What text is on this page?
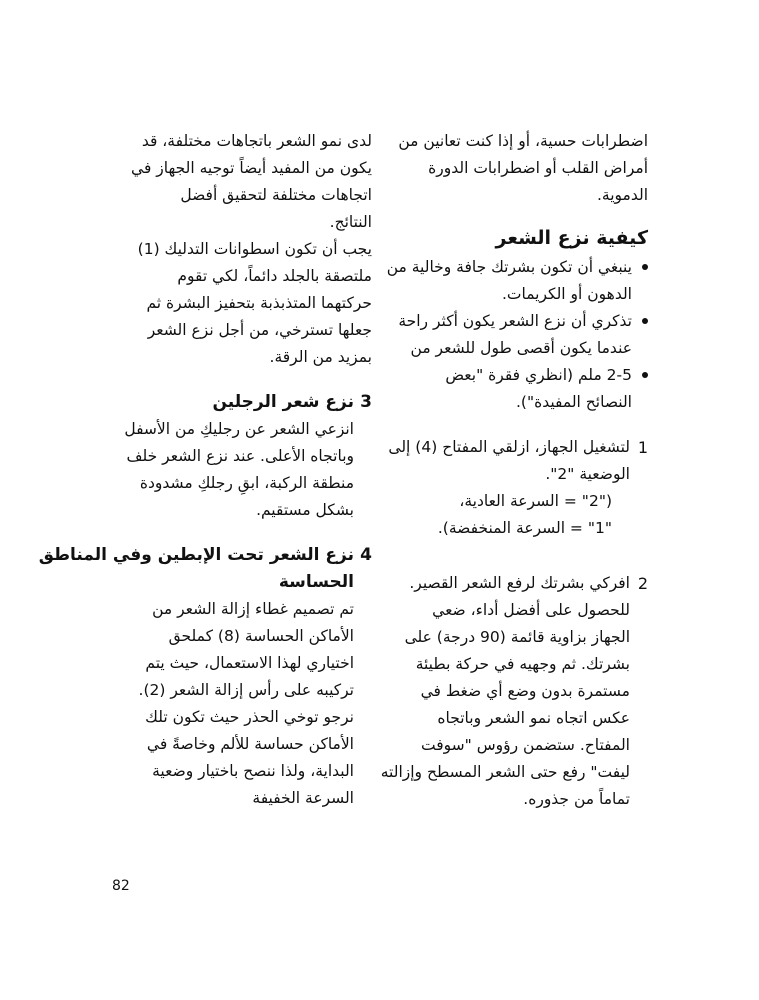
اضطرابات حسية، أو إذا كنت تعانين من
أمراض القلب أو اضطرابات الدورة
الدموية.
كيفية نزع الشعر
ينبغي أن تكون بشرتك جافة وخالية من
الدهون أو الكريمات.
تذكري أن نزع الشعر يكون أكثر راحة
عندما يكون أقصى طول للشعر من
2-5 ملم (انظري فقرة "بعض
النصائح المفيدة").
1
لتشغيل الجهاز، ازلقي المفتاح (4) إلى
الوضعية "2".
("2" = السرعة العادية،
"1" = السرعة المنخفضة).
2
افركي بشرتك لرفع الشعر القصير.
للحصول على أفضل أداء، ضعي
الجهاز بزاوية قائمة (90 درجة) على
بشرتك. ثم وجهيه في حركة بطيئة
مستمرة بدون وضع أي ضغط في
عكس اتجاه نمو الشعر وباتجاه
المفتاح. ستضمن رؤوس "سوفت
ليفت" رفع حتى الشعر المسطح وإزالته
تماماً من جذوره.
لدى نمو الشعر باتجاهات مختلفة، قد
يكون من المفيد أيضاً توجيه الجهاز في
اتجاهات مختلفة لتحقيق أفضل
النتائج.
يجب أن تكون اسطوانات التدليك (1)
ملتصقة بالجلد دائماً، لكي تقوم
حركتهما المتذبذبة بتحفيز البشرة ثم
جعلها تسترخي، من أجل نزع الشعر
بمزيد من الرقة.
3
نزع شعر الرجلين
انزعي الشعر عن رجليكِ من الأسفل
وباتجاه الأعلى. عند نزع الشعر خلف
منطقة الركبة، ابقِ رجلكِ مشدودة
بشكل مستقيم.
4
نزع الشعر تحت الإبطين وفي المناطق
الحساسة
تم تصميم غطاء إزالة الشعر من
الأماكن الحساسة (8) كملحق
اختياري لهذا الاستعمال، حيث يتم
تركيبه على رأس إزالة الشعر (2).
نرجو توخي الحذر حيث تكون تلك
الأماكن حساسة للألم وخاصةً في
البداية، ولذا ننصح باختيار وضعية
السرعة الخفيفة
82
